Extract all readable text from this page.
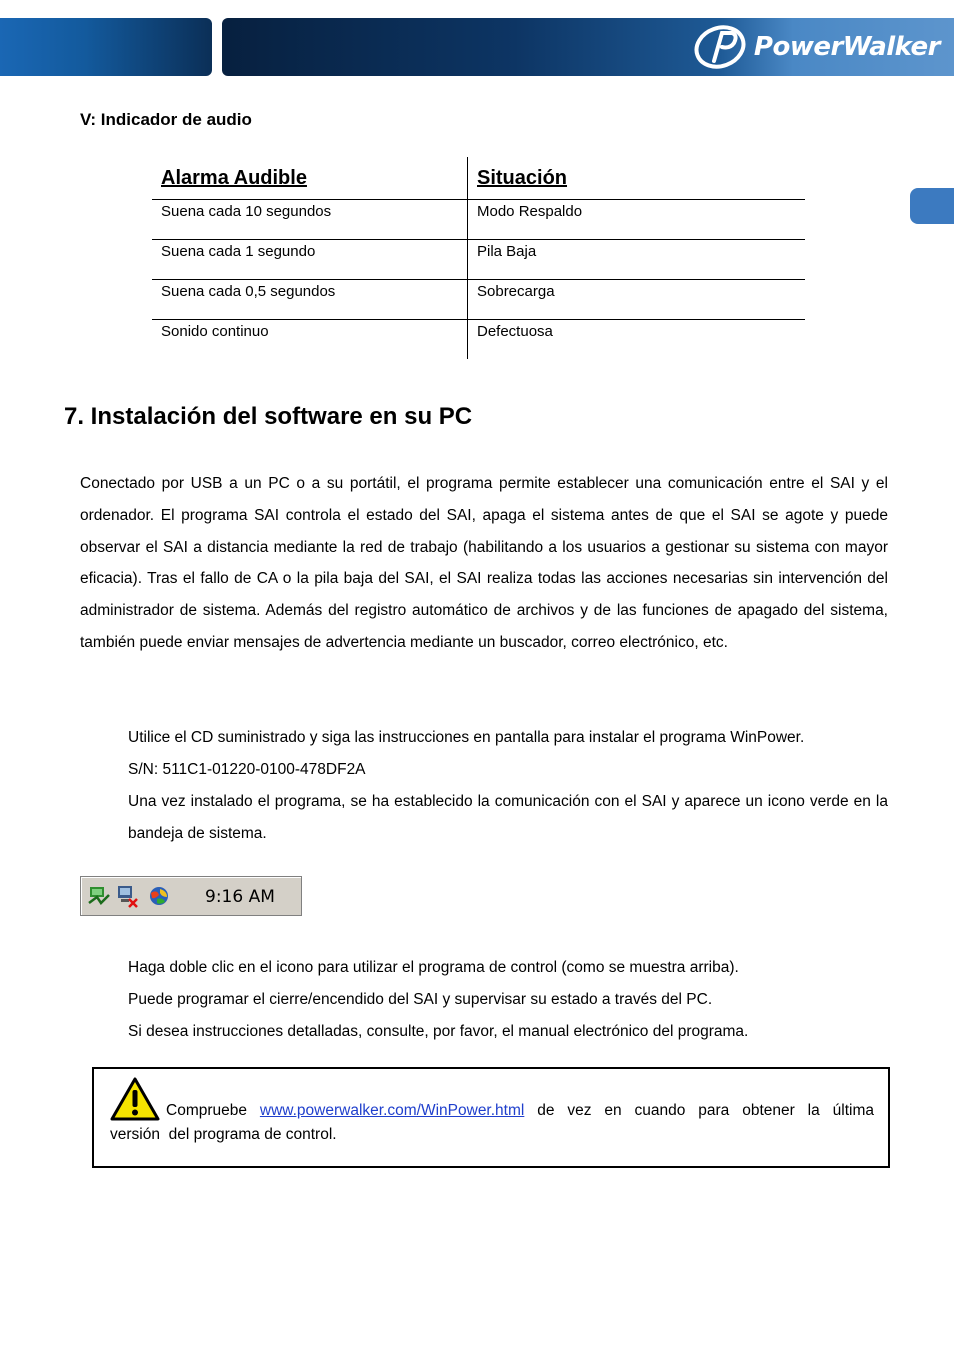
PowerWalker
V: Indicador de audio
Alarma Audible	Situación
Suena cada 10 segundos	Modo Respaldo
Suena cada 1 segundo	Pila Baja
Suena cada 0,5 segundos	Sobrecarga
Sonido continuo	Defectuosa
7. Instalación del software en su PC
Conectado por USB a un PC o a su portátil, el programa permite establecer una comunicación entre el SAI y el ordenador. El programa SAI controla el estado del SAI, apaga el sistema antes de que el SAI se agote y puede observar el SAI a distancia mediante la red de trabajo (habilitando a los usuarios a gestionar su sistema con mayor eficacia). Tras el fallo de CA o la pila baja del SAI, el SAI realiza todas las acciones necesarias sin intervención del administrador de sistema. Además del registro automático de archivos y de las funciones de apagado del sistema, también puede enviar mensajes de advertencia mediante un buscador, correo electrónico, etc.

Utilice el CD suministrado y siga las instrucciones en pantalla para instalar el programa WinPower.

S/N: 511C1-01220-0100-478DF2A

Una vez instalado el programa, se ha establecido la comunicación con el SAI y aparece un icono verde en la bandeja de sistema.

9:16 AM

Haga doble clic en el icono para utilizar el programa de control (como se muestra arriba).

Puede programar el cierre/encendido del SAI y supervisar su estado a través del PC.

Si desea instrucciones detalladas, consulte, por favor, el manual electrónico del programa.

Compruebe www.powerwalker.com/WinPower.html de vez en cuando para obtener la última
versión  del programa de control.
